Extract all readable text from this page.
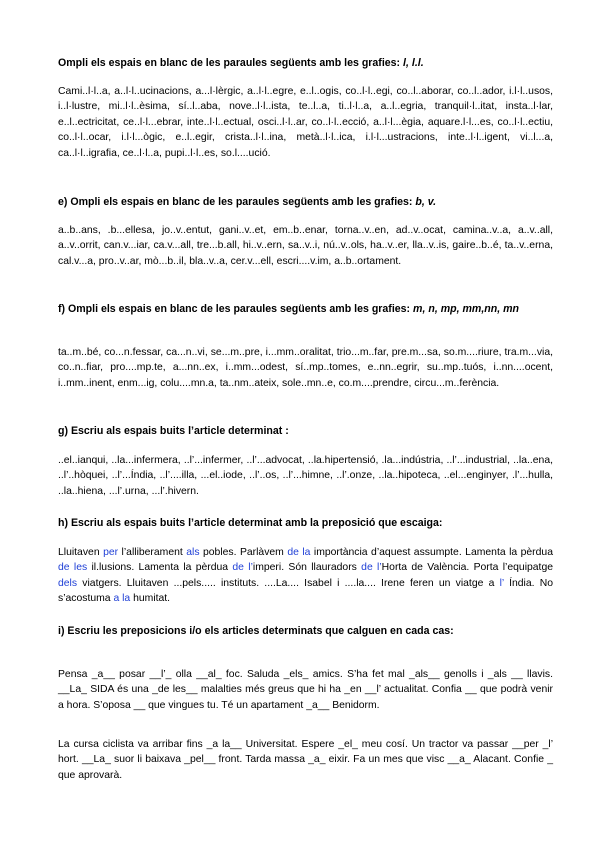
Ompli els espais en blanc de les paraules següents amb les grafies: l, l.l.

Cami..l·l..a, a..l·l..ucinacions, a...l·lèrgic, a..l·l..egre, e..l..ogis, co..l·l..egi, co..l..aborar, co..l..ador, i.l·l..usos, i..l·lustre, mi..l·l..èsima, sí..l..aba, nove..l·l..ista, te..l..a, ti..l·l..a, a..l..egria, tranquil·l..itat, insta..l·lar, e..l..ectricitat, ce..l·l...ebrar, inte..l·l..ectual, osci..l·l..ar, co..l·l..ecció, a..l·l...ègia, aquare.l·l...es, co..l·l..ectiu, co..l·l..ocar, i.l·l...ògic, e..l..egir, crista..l·l..ina, metà..l·l..ica, i.l·l...ustracions, inte..l·l..igent, vi..l...a, ca..l·l..igrafia, ce..l·l..a, pupi..l·l..es, so.l....ució.

e) Ompli els espais en blanc de les paraules següents amb les grafies: b, v.

a..b..ans, .b...ellesa, jo..v..entut, gani..v..et, em..b..enar, torna..v..en, ad..v..ocat, camina..v..a, a..v..all, a..v..orrit, can.v...iar, ca.v...all, tre...b.all, hi..v..ern, sa..v..i, nú..v..ols, ha..v..er, lla..v..is, gaire..b..é, ta..v..erna, cal.v...a, pro..v..ar, mò...b..il, bla..v..a, cer.v...ell, escri....v.im, a..b..ortament.

f) Ompli els espais en blanc de les paraules següents amb les grafies: m, n, mp, mm,nn, mn

ta..m..bé, co...n.fessar, ca...n..vi, se...m..pre, i...mm..oralitat, trio...m..far, pre.m...sa, so.m....riure, tra.m...via, co..n..fiar, pro....mp.te, a...nn..ex, i..mm...odest, sí..mp..tomes, e..nn..egrir, su..mp..tuós, i..nn....ocent, i..mm..inent, enm...ig, colu....mn.a, ta..nm..ateix, sole..mn..e, co.m....prendre, circu...m..ferència.

g) Escriu als espais buits l’article determinat :

..el..ianqui, ..la...infermera, ..l’...infermer, ..l’...advocat, ..la.hipertensió, .la...indústria, ..l’...industrial, ..la..ena, ..l’..hòquei, ..l’...Índia, ..l’....illa, ...el..iode, ..l’..os, ..l’...himne, ..l’.onze, ..la..hipoteca, ..el...enginyer, .l’...hulla, ..la..hiena, ...l’.urna, ...l’.hivern.

h) Escriu als espais buits l’article determinat amb la preposició que escaiga:

Lluitaven per l’alliberament als pobles. Parlàvem de la importància d’aquest assumpte. Lamenta la pèrdua de les il.lusions. Lamenta la pèrdua de l’imperi. Són llauradors de l’Horta de València. Porta l’equipatge dels viatgers. Lluitaven ...pels..... instituts. ....La.... Isabel i ....la.... Irene feren un viatge a l’ Índia. No s’acostuma a la humitat.

i) Escriu les preposicions i/o els articles determinats que calguen en cada cas:

Pensa _a__ posar __l’_ olla __al_ foc. Saluda _els_ amics. S’ha fet mal _als__ genolls i _als __ llavis. __La_ SIDA és una _de les__ malalties més greus que hi ha _en __l’ actualitat. Confia __ que podrà venir a hora. S’oposa __ que vingues tu. Té un apartament _a__ Benidorm.

La cursa ciclista va arribar fins _a la__ Universitat. Espere _el_ meu cosí. Un tractor va passar __per _l’ hort. __La_ suor li baixava _pel__ front. Tarda massa _a_ eixir. Fa un mes que visc __a_ Alacant. Confie _ que aprovarà.
